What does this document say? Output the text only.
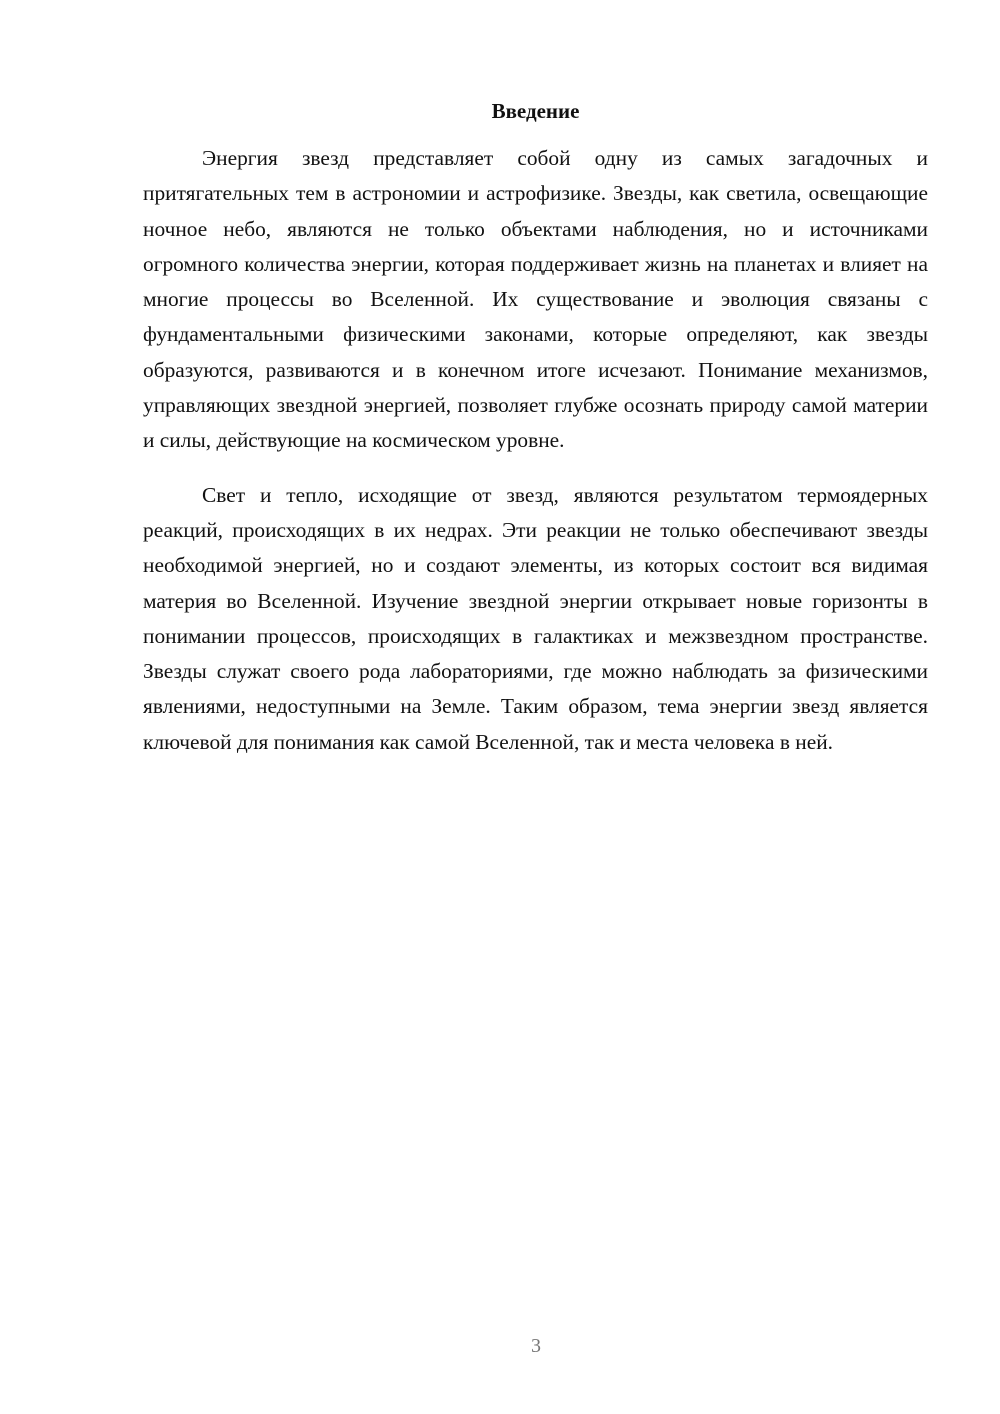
Введение

Энергия звезд представляет собой одну из самых загадочных и притягательных тем в астрономии и астрофизике. Звезды, как светила, освещающие ночное небо, являются не только объектами наблюдения, но и источниками огромного количества энергии, которая поддерживает жизнь на планетах и влияет на многие процессы во Вселенной. Их существование и эволюция связаны с фундаментальными физическими законами, которые определяют, как звезды образуются, развиваются и в конечном итоге исчезают. Понимание механизмов, управляющих звездной энергией, позволяет глубже осознать природу самой материи и силы, действующие на космическом уровне.

Свет и тепло, исходящие от звезд, являются результатом термоядерных реакций, происходящих в их недрах. Эти реакции не только обеспечивают звезды необходимой энергией, но и создают элементы, из которых состоит вся видимая материя во Вселенной. Изучение звездной энергии открывает новые горизонты в понимании процессов, происходящих в галактиках и межзвездном пространстве. Звезды служат своего рода лабораториями, где можно наблюдать за физическими явлениями, недоступными на Земле. Таким образом, тема энергии звезд является ключевой для понимания как самой Вселенной, так и места человека в ней.

3
